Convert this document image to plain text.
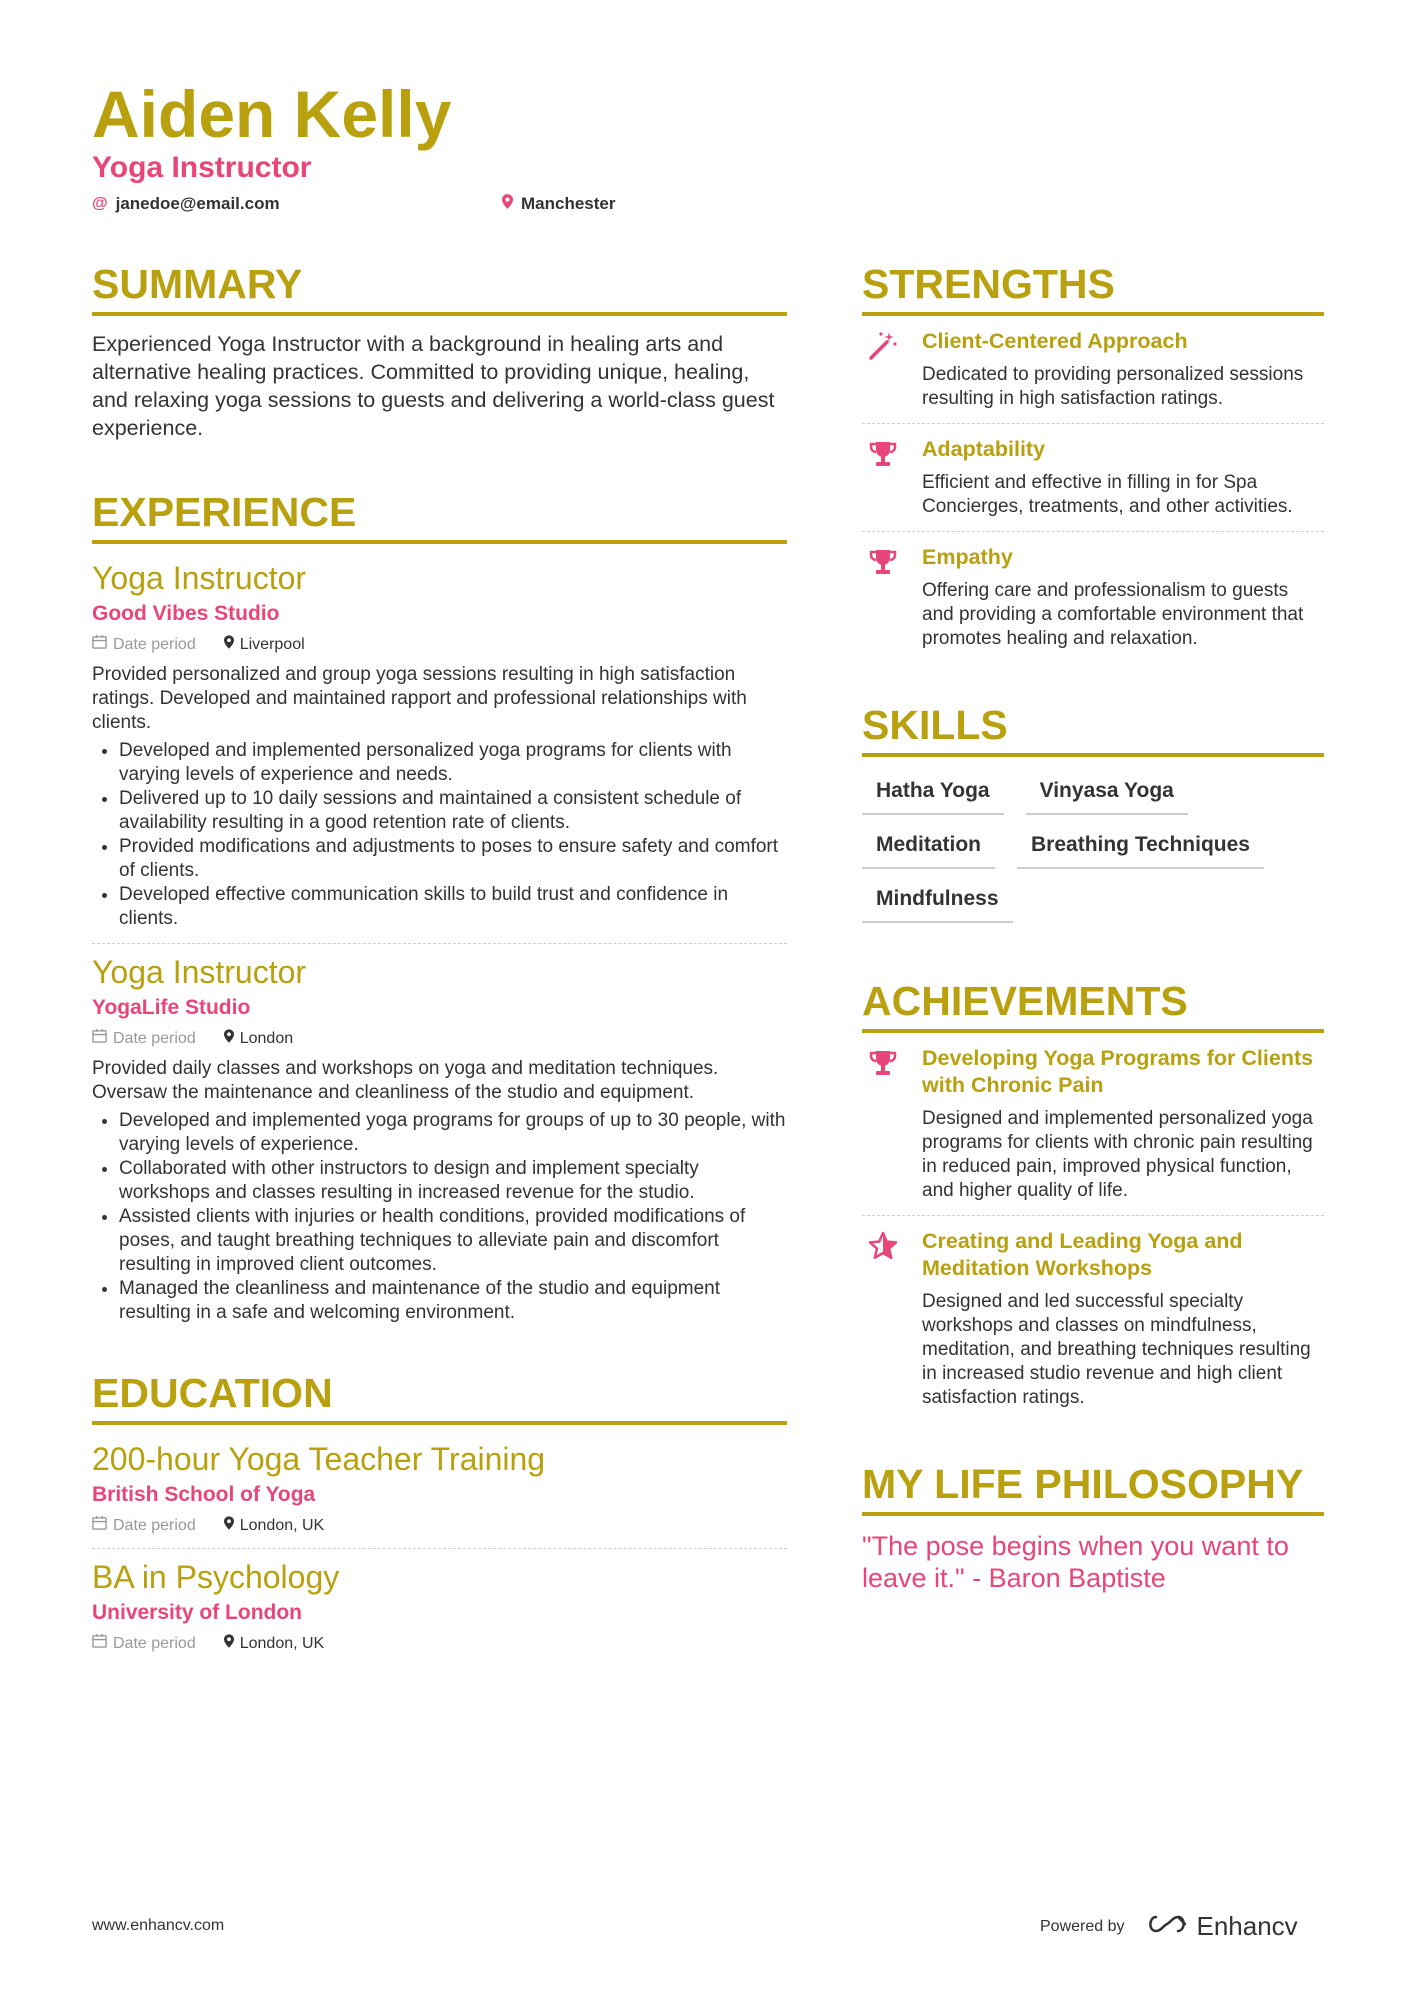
Aiden Kelly
Yoga Instructor
@ janedoe@email.com	Manchester
SUMMARY

Experienced Yoga Instructor with a background in healing arts and alternative healing practices. Committed to providing unique, healing, and relaxing yoga sessions to guests and delivering a world-class guest experience.

EXPERIENCE
Yoga Instructor
Good Vibes Studio
Date period	Liverpool

Provided personalized and group yoga sessions resulting in high satisfaction ratings. Developed and maintained rapport and professional relationships with clients.

• Developed and implemented personalized yoga programs for clients with varying levels of experience and needs.
• Delivered up to 10 daily sessions and maintained a consistent schedule of availability resulting in a good retention rate of clients.
• Provided modifications and adjustments to poses to ensure safety and comfort of clients.
• Developed effective communication skills to build trust and confidence in clients.
Yoga Instructor
YogaLife Studio
Date period	London

Provided daily classes and workshops on yoga and meditation techniques. Oversaw the maintenance and cleanliness of the studio and equipment.

• Developed and implemented yoga programs for groups of up to 30 people, with varying levels of experience.
• Collaborated with other instructors to design and implement specialty workshops and classes resulting in increased revenue for the studio.
• Assisted clients with injuries or health conditions, provided modifications of poses, and taught breathing techniques to alleviate pain and discomfort resulting in improved client outcomes.
• Managed the cleanliness and maintenance of the studio and equipment resulting in a safe and welcoming environment.
EDUCATION
200-hour Yoga Teacher Training
British School of Yoga
Date period	London, UK
BA in Psychology
University of London
Date period	London, UK
STRENGTHS
Client-Centered Approach
Dedicated to providing personalized sessions resulting in high satisfaction ratings.
Adaptability
Efficient and effective in filling in for Spa Concierges, treatments, and other activities.
Empathy
Offering care and professionalism to guests and providing a comfortable environment that promotes healing and relaxation.
SKILLS
Hatha Yoga	Vinyasa Yoga
Meditation	Breathing Techniques
Mindfulness
ACHIEVEMENTS
Developing Yoga Programs for Clients with Chronic Pain
Designed and implemented personalized yoga programs for clients with chronic pain resulting in reduced pain, improved physical function, and higher quality of life.
Creating and Leading Yoga and Meditation Workshops
Designed and led successful specialty workshops and classes on mindfulness, meditation, and breathing techniques resulting in increased studio revenue and high client satisfaction ratings.
MY LIFE PHILOSOPHY

"The pose begins when you want to leave it." - Baron Baptiste

www.enhancv.com	Powered by	Enhancv
